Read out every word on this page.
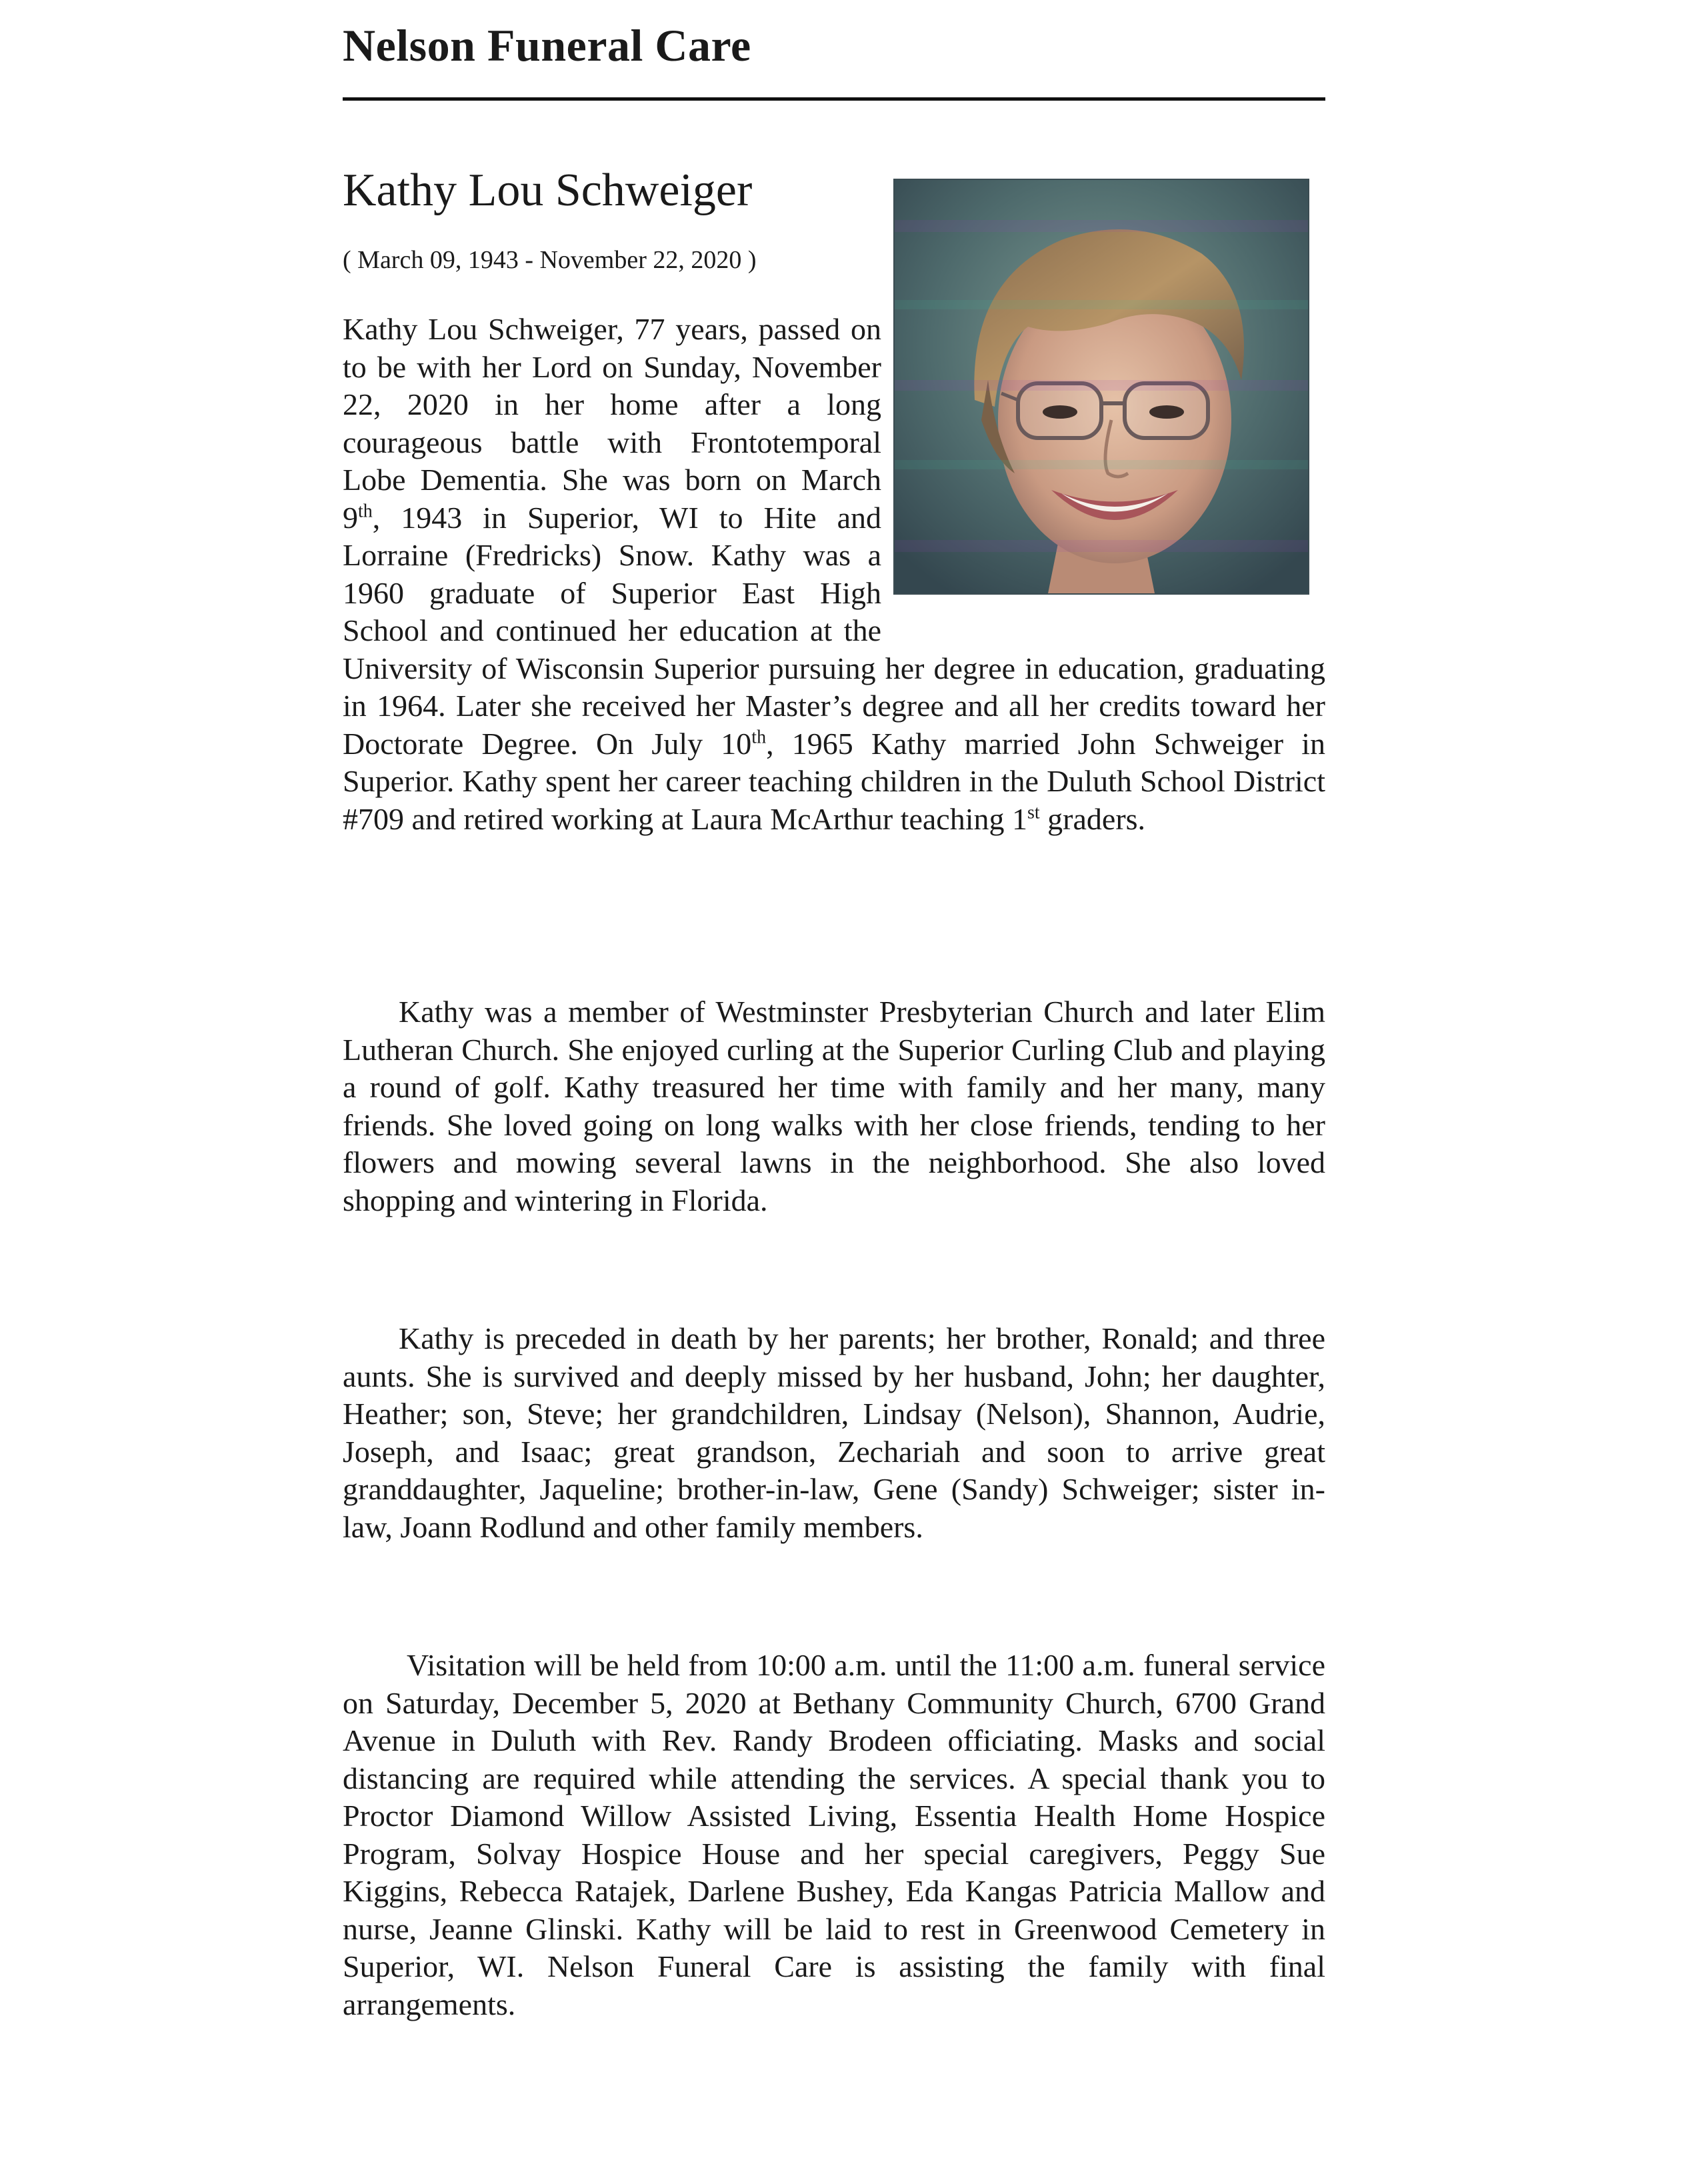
Nelson Funeral Care
Kathy Lou Schweiger

( March 09, 1943 - November 22, 2020 )

Kathy Lou Schweiger, 77 years, passed on to be with her Lord on Sunday, November 22, 2020 in her home after a long courageous battle with Frontotemporal Lobe Dementia. She was born on March 9th, 1943 in Superior, WI to Hite and Lorraine (Fredricks) Snow. Kathy was a 1960 graduate of Superior East High School and continued her education at the University of Wisconsin Superior pursuing her degree in education, graduating in 1964. Later she received her Master’s degree and all her credits toward her Doctorate Degree. On July 10th, 1965 Kathy married John Schweiger in Superior. Kathy spent her career teaching children in the Duluth School District #709 and retired working at Laura McArthur teaching 1st graders.

Kathy was a member of Westminster Presbyterian Church and later Elim Lutheran Church. She enjoyed curling at the Superior Curling Club and playing a round of golf. Kathy treasured her time with family and her many, many friends. She loved going on long walks with her close friends, tending to her flowers and mowing several lawns in the neighborhood. She also loved shopping and wintering in Florida.

Kathy is preceded in death by her parents; her brother, Ronald; and three aunts. She is survived and deeply missed by her husband, John; her daughter, Heather; son, Steve; her grandchildren, Lindsay (Nelson), Shannon, Audrie, Joseph, and Isaac; great grandson, Zechariah and soon to arrive great granddaughter, Jaqueline; brother-in-law, Gene (Sandy) Schweiger; sister in-law, Joann Rodlund and other family members.

Visitation will be held from 10:00 a.m. until the 11:00 a.m. funeral service on Saturday, December 5, 2020 at Bethany Community Church, 6700 Grand Avenue in Duluth with Rev. Randy Brodeen officiating. Masks and social distancing are required while attending the services. A special thank you to Proctor Diamond Willow Assisted Living, Essentia Health Home Hospice Program, Solvay Hospice House and her special caregivers, Peggy Sue Kiggins, Rebecca Ratajek, Darlene Bushey, Eda Kangas Patricia Mallow and nurse, Jeanne Glinski. Kathy will be laid to rest in Greenwood Cemetery in Superior, WI. Nelson Funeral Care is assisting the family with final arrangements.
